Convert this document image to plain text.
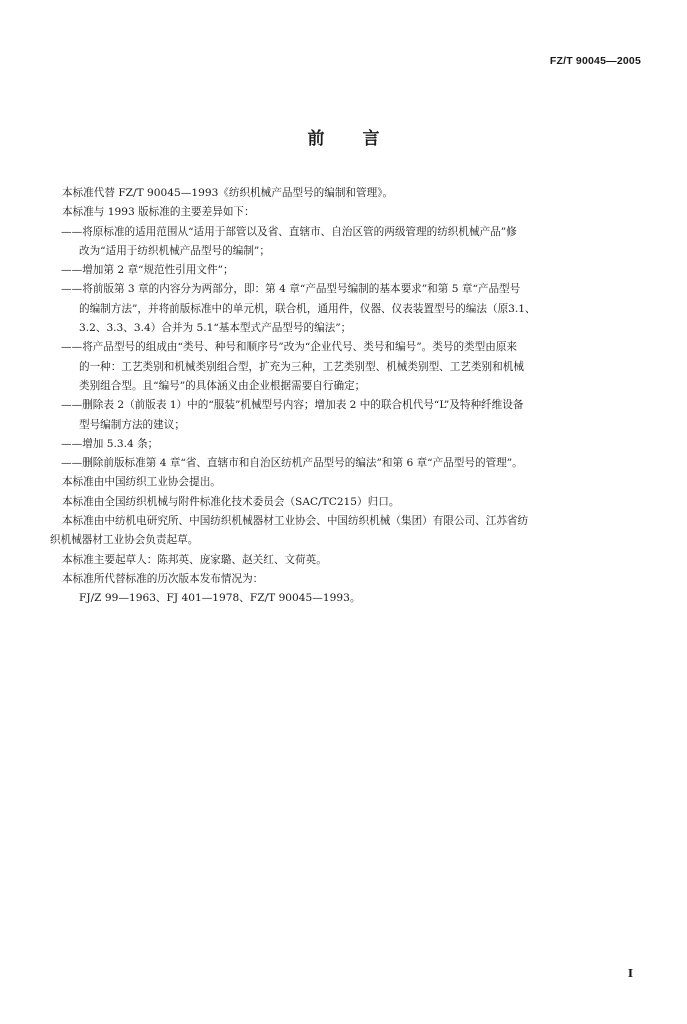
FZ/T 90045—2005
前言
本标准代替 FZ/T 90045—1993《纺织机械产品型号的编制和管理》。
本标准与 1993 版标准的主要差异如下：
——将原标准的适用范围从“适用于部管以及省、直辖市、自治区管的两级管理的纺织机械产品”修
改为“适用于纺织机械产品型号的编制”；
——增加第 2 章“规范性引用文件”；
——将前版第 3 章的内容分为两部分，即：第 4 章“产品型号编制的基本要求”和第 5 章“产品型号
的编制方法”，并将前版标准中的单元机，联合机，通用件，仪器、仪表装置型号的编法（原3.1、
3.2、3.3、3.4）合并为 5.1“基本型式产品型号的编法”；
——将产品型号的组成由“类号、种号和顺序号”改为“企业代号、类号和编号”。类号的类型由原来
的一种：工艺类别和机械类别组合型，扩充为三种，工艺类别型、机械类别型、工艺类别和机械
类别组合型。且“编号”的具体涵义由企业根据需要自行确定；
——删除表 2（前版表 1）中的“服装”机械型号内容；增加表 2 中的联合机代号“L”及特种纤维设备
型号编制方法的建议；
——增加 5.3.4 条；
——删除前版标准第 4 章“省、直辖市和自治区纺机产品型号的编法”和第 6 章“产品型号的管理”。
本标准由中国纺织工业协会提出。
本标准由全国纺织机械与附件标准化技术委员会（SAC/TC215）归口。
本标准由中纺机电研究所、中国纺织机械器材工业协会、中国纺织机械（集团）有限公司、江苏省纺
织机械器材工业协会负责起草。
本标准主要起草人：陈邦英、庞家璐、赵关红、文荷英。
本标准所代替标准的历次版本发布情况为：
FJ/Z 99—1963、FJ 401—1978、FZ/T 90045—1993。
I
